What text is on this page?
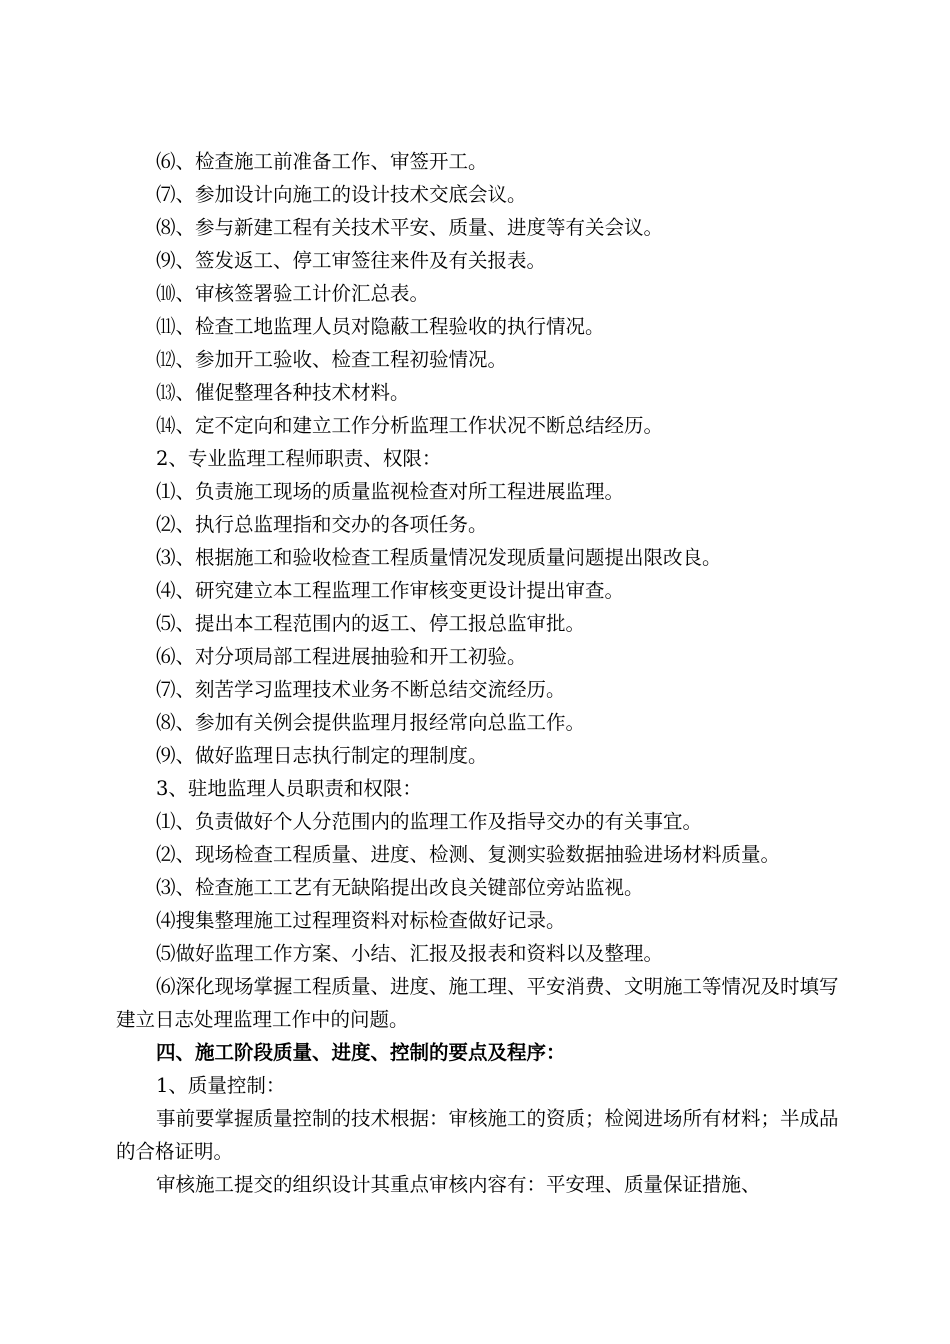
⑹、检查施工前准备工作、审签开工。

⑺、参加设计向施工的设计技术交底会议。

⑻、参与新建工程有关技术平安、质量、进度等有关会议。

⑼、签发返工、停工审签往来件及有关报表。

⑽、审核签署验工计价汇总表。

⑾、检查工地监理人员对隐蔽工程验收的执行情况。

⑿、参加开工验收、检查工程初验情况。

⒀、催促整理各种技术材料。

⒁、定不定向和建立工作分析监理工作状况不断总结经历。

2、专业监理工程师职责、权限：

⑴、负责施工现场的质量监视检查对所工程进展监理。

⑵、执行总监理指和交办的各项任务。

⑶、根据施工和验收检查工程质量情况发现质量问题提出限改良。

⑷、研究建立本工程监理工作审核变更设计提出审查。

⑸、提出本工程范围内的返工、停工报总监审批。

⑹、对分项局部工程进展抽验和开工初验。

⑺、刻苦学习监理技术业务不断总结交流经历。

⑻、参加有关例会提供监理月报经常向总监工作。

⑼、做好监理日志执行制定的理制度。

3、驻地监理人员职责和权限：

⑴、负责做好个人分范围内的监理工作及指导交办的有关事宜。

⑵、现场检查工程质量、进度、检测、复测实验数据抽验进场材料质量。

⑶、检查施工工艺有无缺陷提出改良关键部位旁站监视。

⑷搜集整理施工过程理资料对标检查做好记录。

⑸做好监理工作方案、小结、汇报及报表和资料以及整理。

⑹深化现场掌握工程质量、进度、施工理、平安消费、文明施工等情况及时填写建立日志处理监理工作中的问题。

四、施工阶段质量、进度、控制的要点及程序：

1、质量控制：

事前要掌握质量控制的技术根据：审核施工的资质；检阅进场所有材料；半成品的合格证明。

审核施工提交的组织设计其重点审核内容有：平安理、质量保证措施、
